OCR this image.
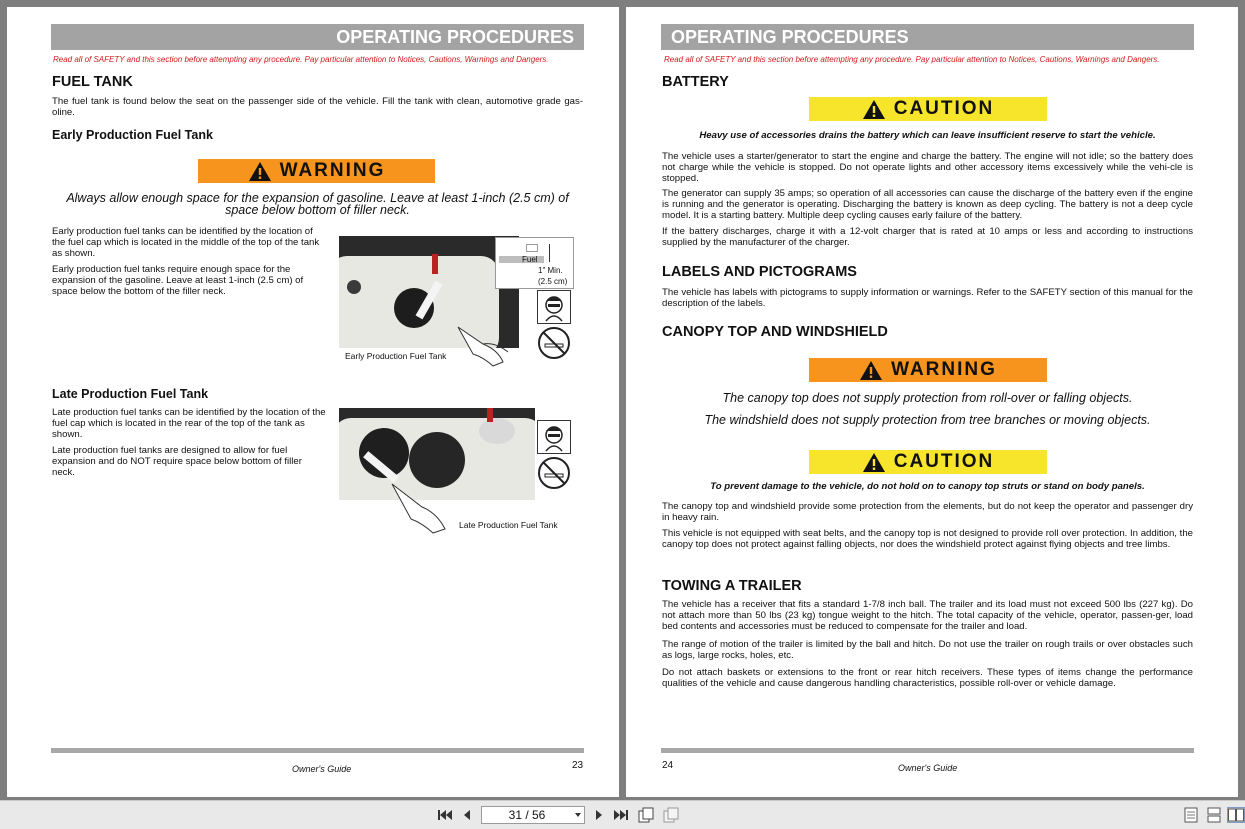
OPERATING PROCEDURES
Read all of SAFETY and this section before attempting any procedure. Pay particular attention to Notices, Cautions, Warnings and Dangers.
FUEL TANK
The fuel tank is found below the seat on the passenger side of the vehicle. Fill the tank with clean, automotive grade gas-oline.
Early Production Fuel Tank
WARNING
Always allow enough space for the expansion of gasoline. Leave at least 1-inch (2.5 cm) of space below bottom of filler neck.
Early production fuel tanks can be identified by the location of the fuel cap which is located in the middle of the top of the tank as shown.
Early production fuel tanks require enough space for the expansion of the gasoline. Leave at least 1-inch (2.5 cm) of space below the bottom of the filler neck.
Fuel
1" Min.
(2.5 cm)
Early Production Fuel Tank
Late Production Fuel Tank
Late production fuel tanks can be identified by the location of the fuel cap which is located in the rear of the top of the tank as shown.
Late production fuel tanks are designed to allow for fuel expansion and do NOT require space below bottom of filler neck.
Late Production Fuel Tank
Owner's Guide	23
OPERATING PROCEDURES
Read all of SAFETY and this section before attempting any procedure. Pay particular attention to Notices, Cautions, Warnings and Dangers.
BATTERY
CAUTION
Heavy use of accessories drains the battery which can leave insufficient reserve to start the vehicle.
The vehicle uses a starter/generator to start the engine and charge the battery. The engine will not idle; so the battery does not charge while the vehicle is stopped. Do not operate lights and other accessory items excessively while the vehi-cle is stopped.
The generator can supply 35 amps; so operation of all accessories can cause the discharge of the battery even if the engine is running and the generator is operating. Discharging the battery is known as deep cycling. The battery is not a deep cycle model. It is a starting battery. Multiple deep cycling causes early failure of the battery.
If the battery discharges, charge it with a 12-volt charger that is rated at 10 amps or less and according to instructions supplied by the manufacturer of the charger.
LABELS AND PICTOGRAMS
The vehicle has labels with pictograms to supply information or warnings. Refer to the SAFETY section of this manual for the description of the labels.
CANOPY TOP AND WINDSHIELD
WARNING
The canopy top does not supply protection from roll-over or falling objects.
The windshield does not supply protection from tree branches or moving objects.
CAUTION
To prevent damage to the vehicle, do not hold on to canopy top struts or stand on body panels.
The canopy top and windshield provide some protection from the elements, but do not keep the operator and passenger dry in heavy rain.
This vehicle is not equipped with seat belts, and the canopy top is not designed to provide roll over protection. In addition, the canopy top does not protect against falling objects, nor does the windshield protect against flying objects and tree limbs.
TOWING A TRAILER
The vehicle has a receiver that fits a standard 1-7/8 inch ball. The trailer and its load must not exceed 500 lbs (227 kg). Do not attach more than 50 lbs (23 kg) tongue weight to the hitch. The total capacity of the vehicle, operator, passen-ger, load bed contents and accessories must be reduced to compensate for the trailer and load.
The range of motion of the trailer is limited by the ball and hitch. Do not use the trailer on rough trails or over obstacles such as logs, large rocks, holes, etc.
Do not attach baskets or extensions to the front or rear hitch receivers. These types of items change the performance qualities of the vehicle and cause dangerous handling characteristics, possible roll-over or vehicle damage.
24	Owner's Guide
31 / 56
